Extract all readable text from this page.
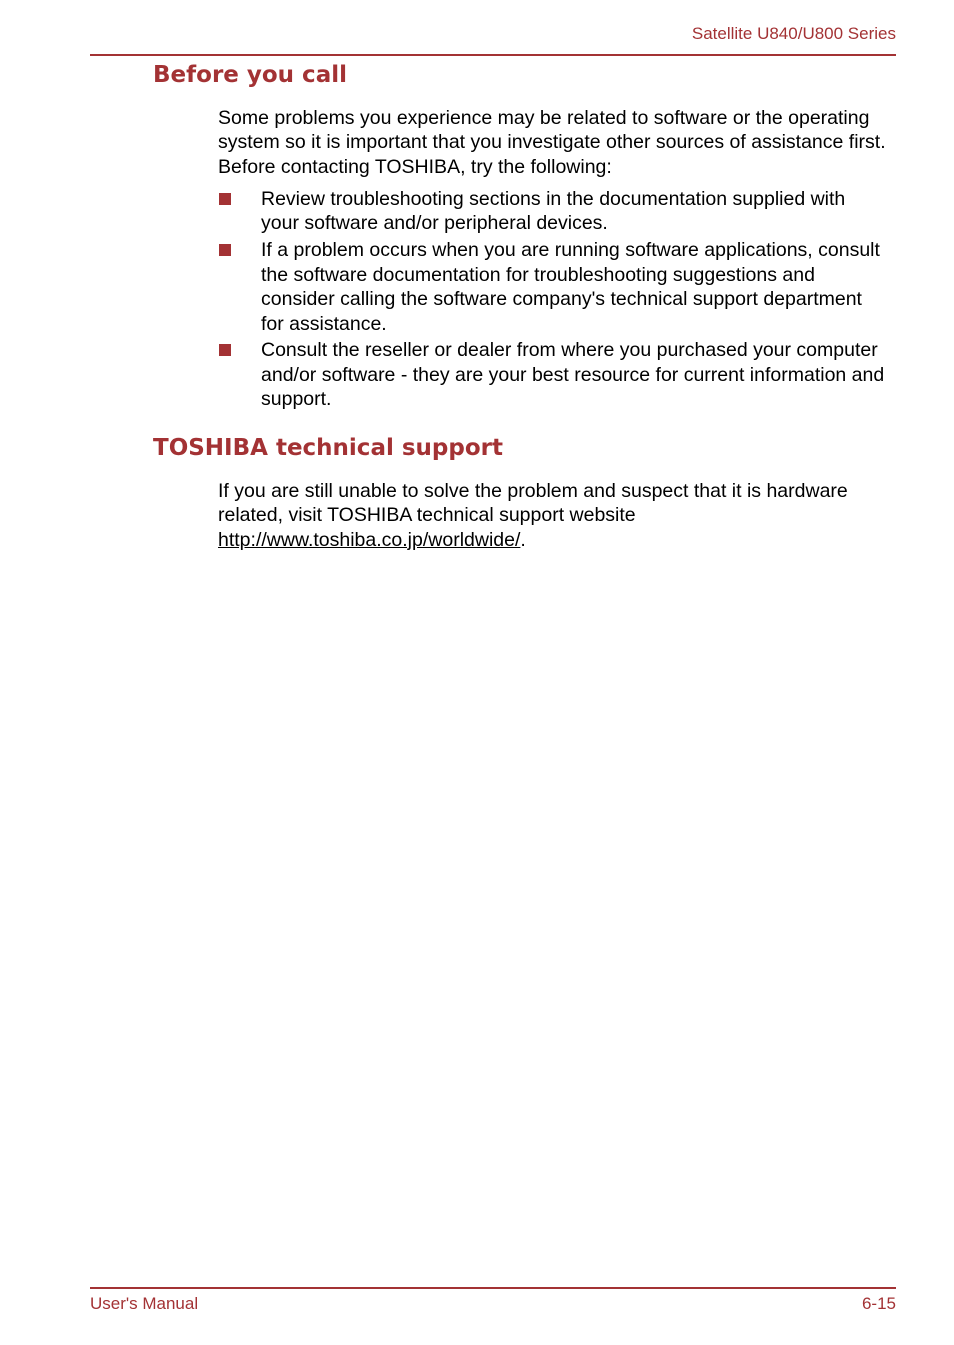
Satellite U840/U800 Series
Before you call

Some problems you experience may be related to software or the operating system so it is important that you investigate other sources of assistance first. Before contacting TOSHIBA, try the following:

Review troubleshooting sections in the documentation supplied with your software and/or peripheral devices.
If a problem occurs when you are running software applications, consult the software documentation for troubleshooting suggestions and consider calling the software company's technical support department for assistance.
Consult the reseller or dealer from where you purchased your computer and/or software - they are your best resource for current information and support.
TOSHIBA technical support

If you are still unable to solve the problem and suspect that it is hardware related, visit TOSHIBA technical support website http://www.toshiba.co.jp/worldwide/.

User's Manual	6-15
